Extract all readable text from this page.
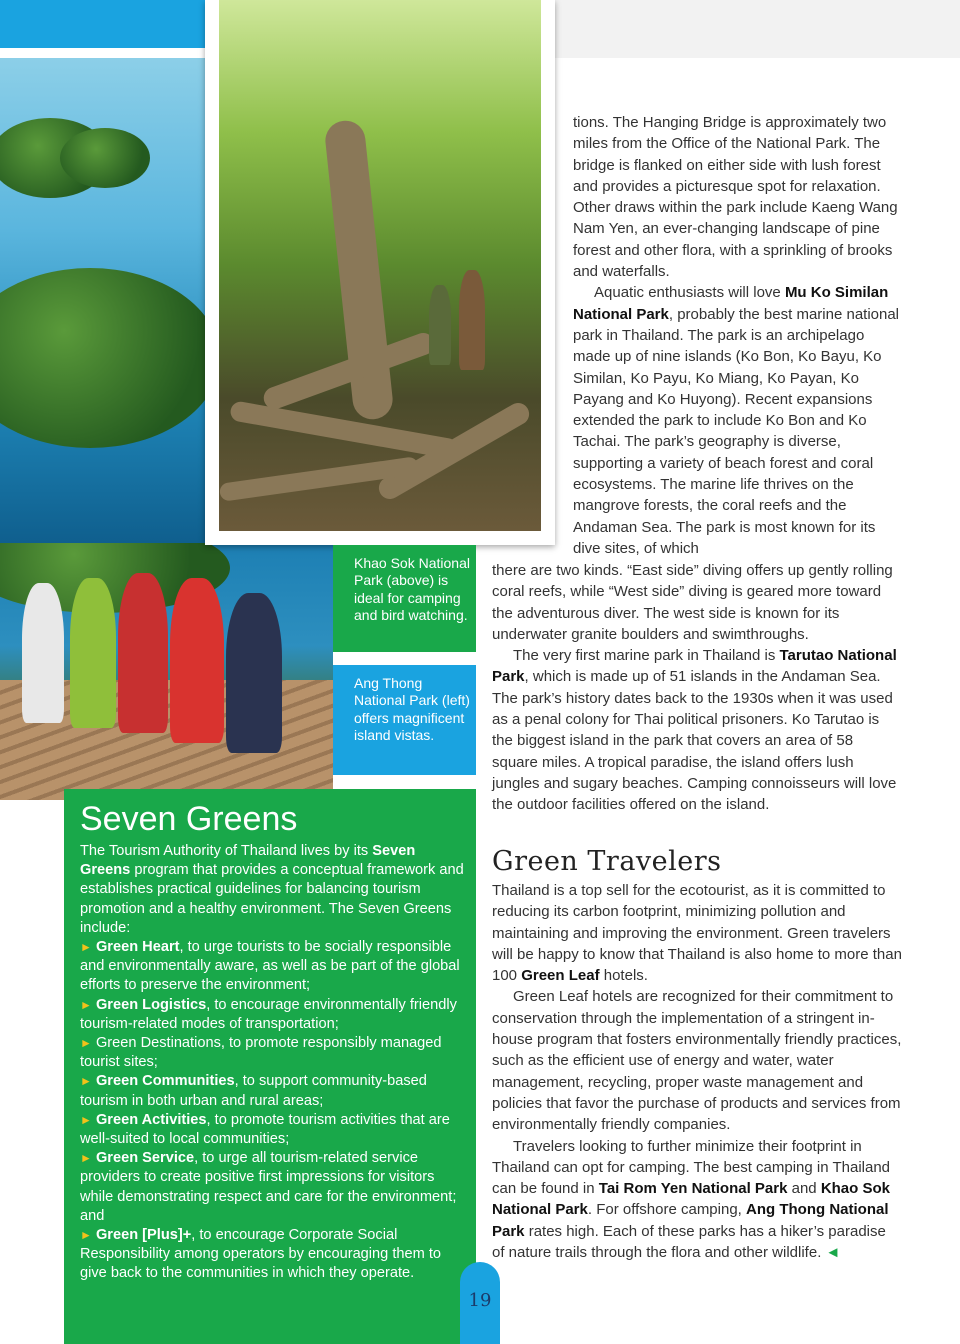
Khao Sok National Park (above) is ideal for camping and bird watching.
Ang Thong National Park (left) offers magnificent island vistas.
Seven Greens

The Tourism Authority of Thailand lives by its Seven Greens program that provides a conceptual framework and establishes practical guidelines for balancing tourism promotion and a healthy environment. The Seven Greens include:

► Green Heart, to urge tourists to be socially responsible and environmentally aware, as well as be part of the global efforts to preserve the environment;

► Green Logistics, to encourage environmentally friendly tourism-related modes of transportation;

► Green Destinations, to promote responsibly managed tourist sites;

► Green Communities, to support community-based tourism in both urban and rural areas;

► Green Activities, to promote tourism activities that are well-suited to local communities;

► Green Service, to urge all tourism-related service providers to create positive first impressions for visitors while demonstrating respect and care for the environment; and

► Green [Plus]+, to encourage Corporate Social Responsibility among operators by encouraging them to give back to the communities in which they operate.

19

tions. The Hanging Bridge is approximately two miles from the Office of the National Park. The bridge is flanked on either side with lush forest and provides a picturesque spot for relaxation. Other draws within the park include Kaeng Wang Nam Yen, an ever-changing landscape of pine forest and other flora, with a sprinkling of brooks and waterfalls.

Aquatic enthusiasts will love Mu Ko Similan National Park, probably the best marine national park in Thailand. The park is an archipelago made up of nine islands (Ko Bon, Ko Bayu, Ko Similan, Ko Payu, Ko Miang, Ko Payan, Ko Payang and Ko Huyong). Recent expansions extended the park to include Ko Bon and Ko Tachai. The park’s geography is diverse, supporting a variety of beach forest and coral ecosystems. The marine life thrives on the mangrove forests, the coral reefs and the Andaman Sea. The park is most known for its dive sites, of which

there are two kinds. “East side” diving offers up gently rolling coral reefs, while “West side” diving is geared more toward the adventurous diver. The west side is known for its underwater granite boulders and swimthroughs.

The very first marine park in Thailand is Tarutao National Park, which is made up of 51 islands in the Andaman Sea. The park’s history dates back to the 1930s when it was used as a penal colony for Thai political prisoners. Ko Tarutao is the biggest island in the park that covers an area of 58 square miles. A tropical paradise, the island offers lush jungles and sugary beaches. Camping connoisseurs will love the outdoor facilities offered on the island.

Green Travelers

Thailand is a top sell for the ecotourist, as it is committed to reducing its carbon footprint, minimizing pollution and maintaining and improving the environment. Green travelers will be happy to know that Thailand is also home to more than 100 Green Leaf hotels.

Green Leaf hotels are recognized for their commitment to conservation through the implementation of a stringent in-house program that fosters environmentally friendly practices, such as the efficient use of energy and water, water management, recycling, proper waste management and policies that favor the purchase of products and services from environmentally friendly companies.

Travelers looking to further minimize their footprint in Thailand can opt for camping. The best camping in Thailand can be found in Tai Rom Yen National Park and Khao Sok National Park. For offshore camping, Ang Thong National Park rates high. Each of these parks has a hiker’s paradise of nature trails through the flora and other wildlife. ◄
